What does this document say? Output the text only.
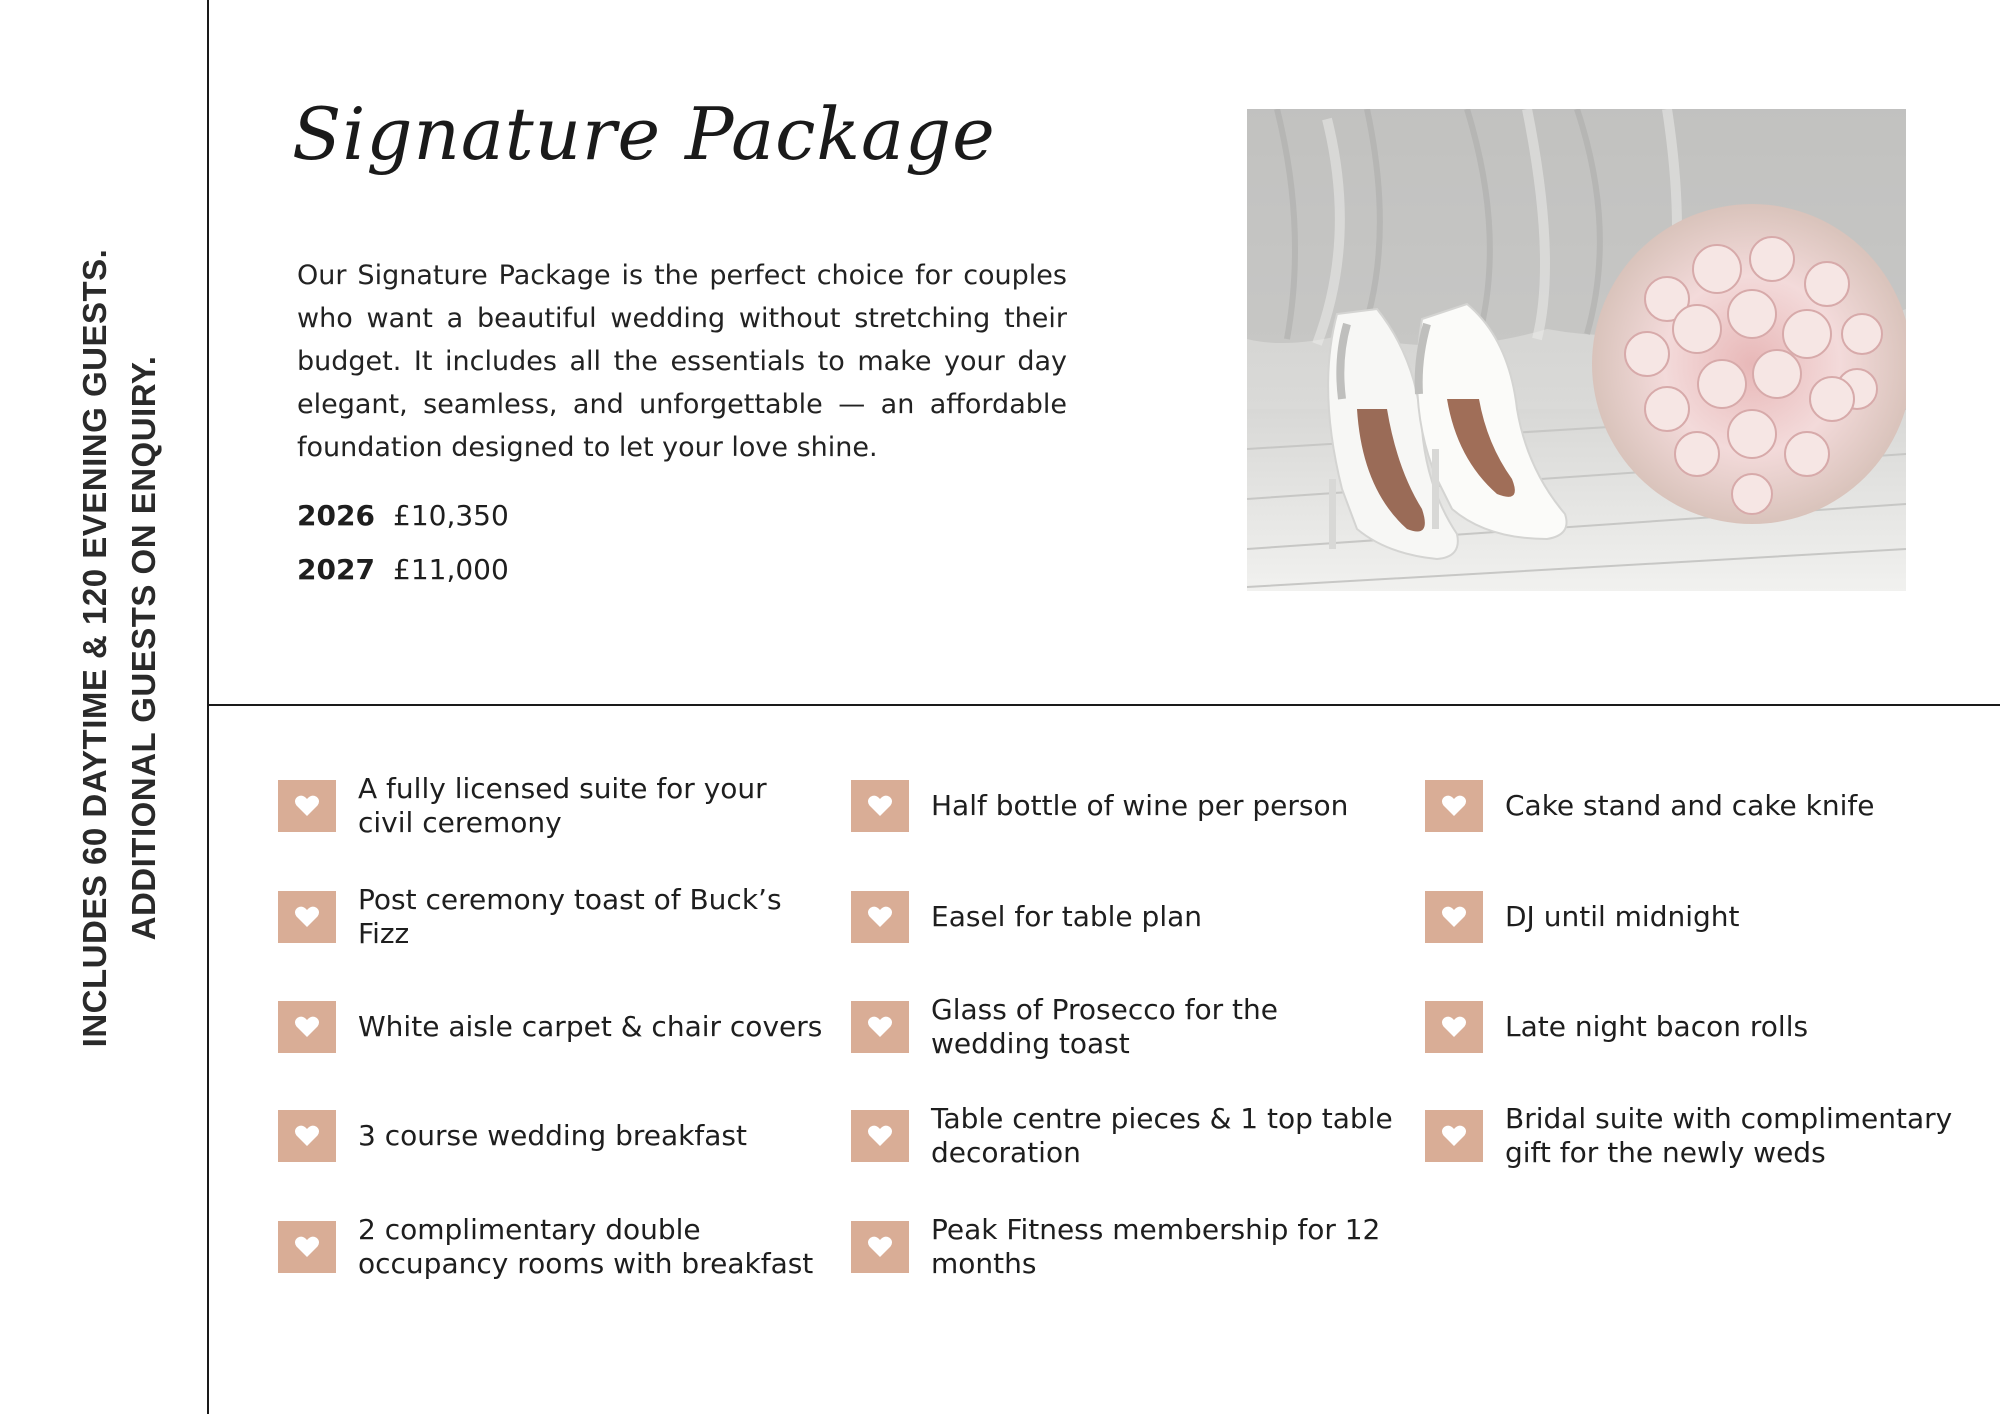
INCLUDES 60 DAYTIME & 120 EVENING GUESTS. ADDITIONAL GUESTS ON ENQUIRY.
Signature Package

Our Signature Package is the perfect choice for couples who want a beautiful wedding without stretching their budget. It includes all the essentials to make your day elegant, seamless, and unforgettable — an affordable foundation designed to let your love shine.

2026 £10,350
2027 £11,000
A fully licensed suite for your civil ceremony
Post ceremony toast of Buck’s Fizz
White aisle carpet & chair covers
3 course wedding breakfast
2 complimentary double occupancy rooms with breakfast
Half bottle of wine per person
Easel for table plan
Glass of Prosecco for the wedding toast
Table centre pieces & 1 top table decoration
Peak Fitness membership for 12 months
Cake stand and cake knife
DJ until midnight
Late night bacon rolls
Bridal suite with complimentary gift for the newly weds
